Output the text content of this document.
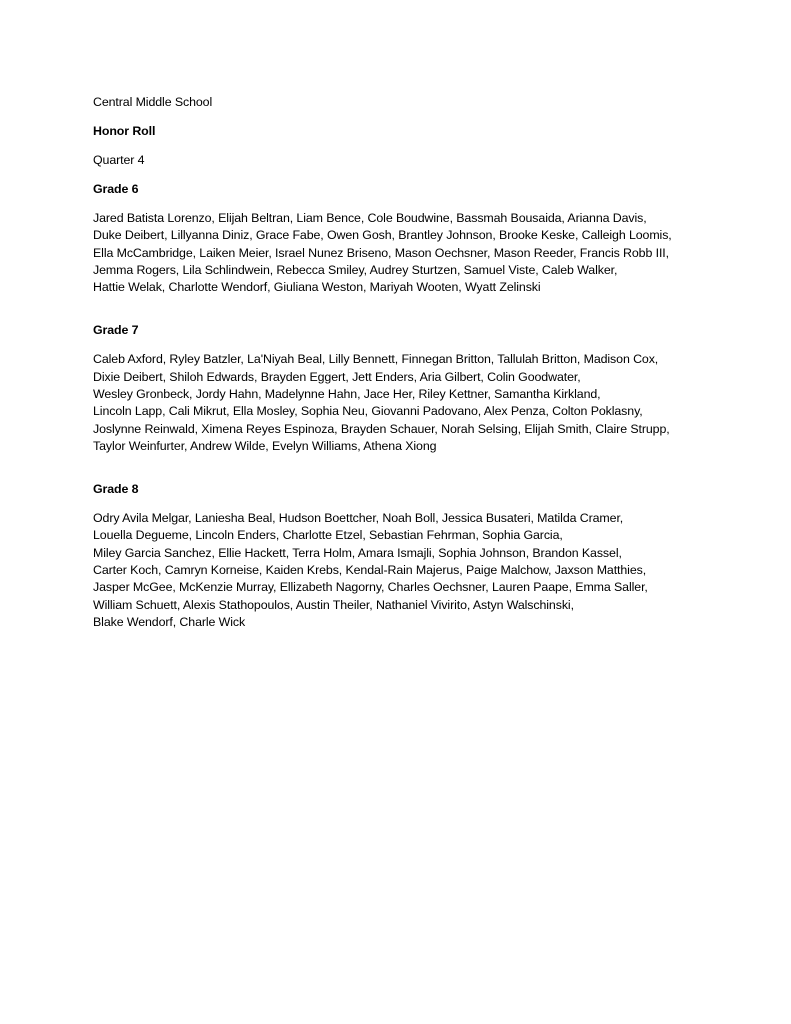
Central Middle School
Honor Roll
Quarter 4
Grade 6
Jared Batista Lorenzo, Elijah Beltran, Liam Bence, Cole Boudwine, Bassmah Bousaida, Arianna Davis,
Duke Deibert, Lillyanna Diniz, Grace Fabe, Owen Gosh, Brantley Johnson, Brooke Keske, Calleigh Loomis,
Ella McCambridge, Laiken Meier, Israel Nunez Briseno, Mason Oechsner, Mason Reeder, Francis Robb III,
Jemma Rogers, Lila Schlindwein, Rebecca Smiley, Audrey Sturtzen, Samuel Viste, Caleb Walker,
Hattie Welak, Charlotte Wendorf, Giuliana Weston, Mariyah Wooten, Wyatt Zelinski
Grade 7
Caleb Axford, Ryley Batzler, La'Niyah Beal, Lilly Bennett, Finnegan Britton, Tallulah Britton, Madison Cox,
Dixie Deibert, Shiloh Edwards, Brayden Eggert, Jett Enders, Aria Gilbert, Colin Goodwater,
Wesley Gronbeck, Jordy Hahn, Madelynne Hahn, Jace Her, Riley Kettner, Samantha Kirkland,
Lincoln Lapp, Cali Mikrut, Ella Mosley, Sophia Neu, Giovanni Padovano, Alex Penza, Colton Poklasny,
Joslynne Reinwald, Ximena Reyes Espinoza, Brayden Schauer, Norah Selsing, Elijah Smith, Claire Strupp,
Taylor Weinfurter, Andrew Wilde, Evelyn Williams, Athena Xiong
Grade 8
Odry Avila Melgar, Laniesha Beal, Hudson Boettcher, Noah Boll, Jessica Busateri, Matilda Cramer,
Louella Degueme, Lincoln Enders, Charlotte Etzel, Sebastian Fehrman, Sophia Garcia,
Miley Garcia Sanchez, Ellie Hackett, Terra Holm, Amara Ismajli, Sophia Johnson, Brandon Kassel,
Carter Koch, Camryn Korneise, Kaiden Krebs, Kendal-Rain Majerus, Paige Malchow, Jaxson Matthies,
Jasper McGee, McKenzie Murray, Ellizabeth Nagorny, Charles Oechsner, Lauren Paape, Emma Saller,
William Schuett, Alexis Stathopoulos, Austin Theiler, Nathaniel Vivirito, Astyn Walschinski,
Blake Wendorf, Charle Wick
